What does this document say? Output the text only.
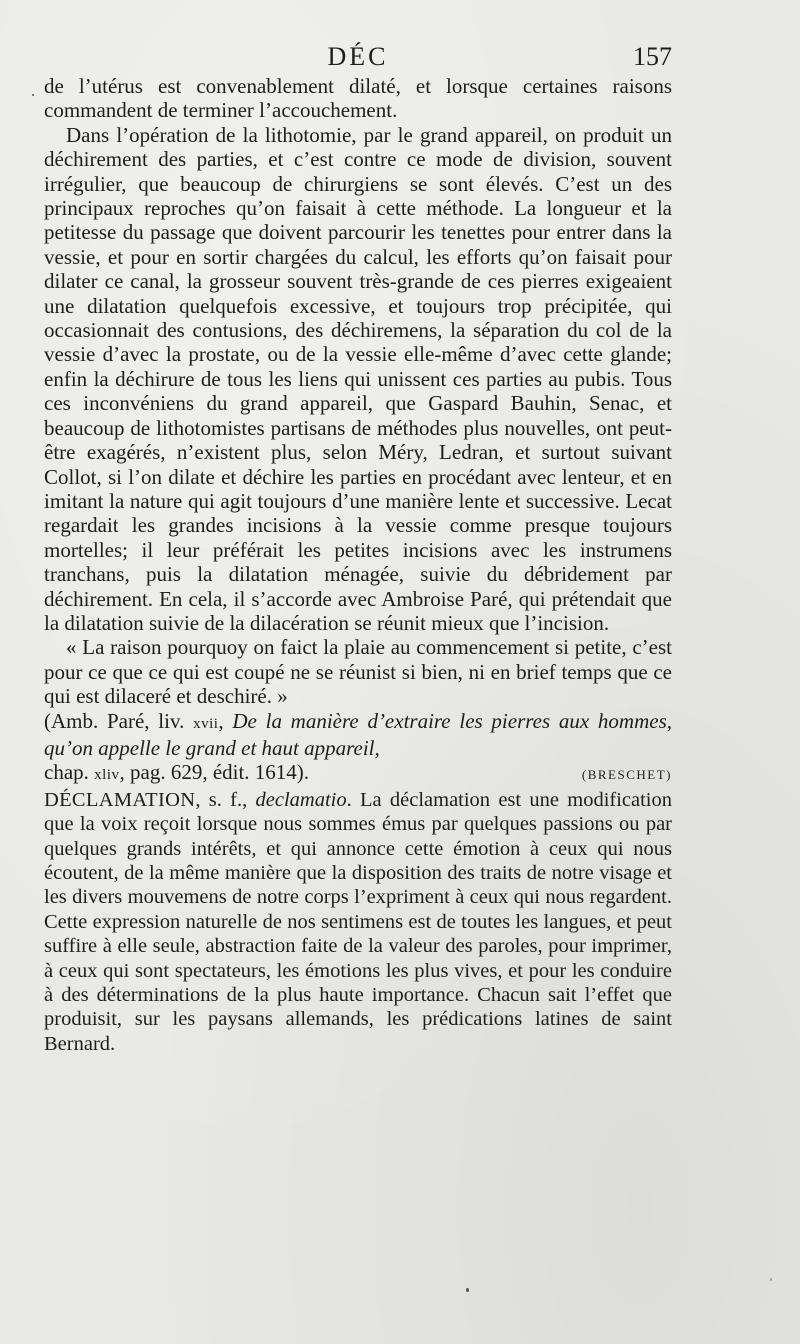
DÉC	157

de l’utérus est convenablement dilaté, et lorsque certaines raisons commandent de terminer l’accouchement.

Dans l’opération de la lithotomie, par le grand appareil, on produit un déchirement des parties, et c’est contre ce mode de division, souvent irrégulier, que beaucoup de chirurgiens se sont élevés. C’est un des principaux reproches qu’on faisait à cette méthode. La longueur et la petitesse du passage que doivent parcourir les tenettes pour entrer dans la vessie, et pour en sortir chargées du calcul, les efforts qu’on faisait pour dilater ce canal, la grosseur souvent très-grande de ces pierres exigeaient une dilatation quelquefois excessive, et toujours trop précipitée, qui occasionnait des contusions, des déchiremens, la séparation du col de la vessie d’avec la prostate, ou de la vessie elle-même d’avec cette glande; enfin la déchirure de tous les liens qui unissent ces parties au pubis. Tous ces inconvéniens du grand appareil, que Gaspard Bauhin, Senac, et beaucoup de lithotomistes partisans de méthodes plus nouvelles, ont peut-être exagérés, n’existent plus, selon Méry, Ledran, et surtout suivant Collot, si l’on dilate et déchire les parties en procédant avec lenteur, et en imitant la nature qui agit toujours d’une manière lente et successive. Lecat regardait les grandes incisions à la vessie comme presque toujours mortelles; il leur préférait les petites incisions avec les instrumens tranchans, puis la dilatation ménagée, suivie du débridement par déchirement. En cela, il s’accorde avec Ambroise Paré, qui prétendait que la dilatation suivie de la dilacération se réunit mieux que l’incision.

« La raison pourquoy on faict la plaie au commencement si petite, c’est pour ce que ce qui est coupé ne se réunist si bien, ni en brief temps que ce qui est dilaceré et deschiré. »

(Amb. Paré, liv. xvii, De la manière d’extraire les pierres aux hommes, qu’on appelle le grand et haut appareil,

chap. xliv, pag. 629, édit. 1614).	(BRESCHET)

DÉCLAMATION, s. f., declamatio. La déclamation est une modification que la voix reçoit lorsque nous sommes émus par quelques passions ou par quelques grands intérêts, et qui annonce cette émotion à ceux qui nous écoutent, de la même manière que la disposition des traits de notre visage et les divers mouvemens de notre corps l’expriment à ceux qui nous regardent. Cette expression naturelle de nos sentimens est de toutes les langues, et peut suffire à elle seule, abstraction faite de la valeur des paroles, pour imprimer, à ceux qui sont spectateurs, les émotions les plus vives, et pour les conduire à des déterminations de la plus haute importance. Chacun sait l’effet que produisit, sur les paysans allemands, les prédications latines de saint Bernard.
